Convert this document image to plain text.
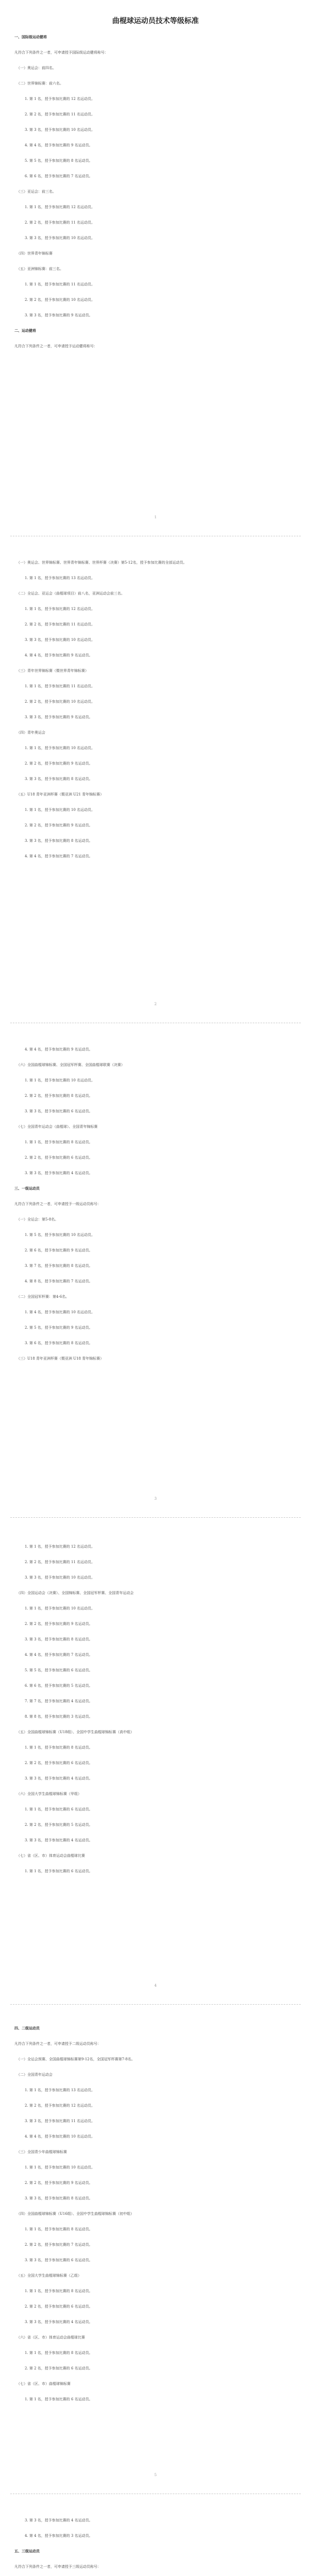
曲棍球运动员技术等级标准
一、国际级运动健将
凡符合下列条件之一者，可申请授予国际级运动健将称号：
（一）奥运会：前四名。
（二）世界锦标赛：前六名。
1. 第 1 名，授予参加比赛的 12 名运动员。
2. 第 2 名，授予参加比赛的 11 名运动员。
3. 第 3 名，授予参加比赛的 10 名运动员。
4. 第 4 名，授予参加比赛的 9 名运动员。
5. 第 5 名，授予参加比赛的 8 名运动员。
6. 第 6 名，授予参加比赛的 7 名运动员。
（三）亚运会：前三名。
1. 第 1 名，授予参加比赛的 12 名运动员。
2. 第 2 名，授予参加比赛的 11 名运动员。
3. 第 3 名，授予参加比赛的 10 名运动员。
（四）世界青年锦标赛
（五）亚洲锦标赛：前三名。
1. 第 1 名，授予参加比赛的 11 名运动员。
2. 第 2 名，授予参加比赛的 10 名运动员。
3. 第 3 名，授予参加比赛的 9 名运动员。
二、运动健将
凡符合下列条件之一者，可申请授予运动健将称号：
1
（一）奥运会、世界锦标赛、世界青年锦标赛、世界杯赛（决赛）第5-12名，授予参加比赛的全部运动员。
1. 第 1 名，授予参加比赛的 13 名运动员。
（二）全运会、亚运会（曲棍球项目）前八名，亚洲运动会前三名。
1. 第 1 名，授予参加比赛的 12 名运动员。
2. 第 2 名，授予参加比赛的 11 名运动员。
3. 第 3 名，授予参加比赛的 10 名运动员。
4. 第 4 名，授予参加比赛的 9 名运动员。
（三）青年世界锦标赛（暨世界青年锦标赛）
1. 第 1 名，授予参加比赛的 11 名运动员。
2. 第 2 名，授予参加比赛的 10 名运动员。
3. 第 3 名，授予参加比赛的 9 名运动员。
（四）青年奥运会
1. 第 1 名，授予参加比赛的 10 名运动员。
2. 第 2 名，授予参加比赛的 9 名运动员。
3. 第 3 名，授予参加比赛的 8 名运动员。
（五）U18 青年亚洲杯赛（暨亚洲 U21 青年锦标赛）
1. 第 1 名，授予参加比赛的 10 名运动员。
2. 第 2 名，授予参加比赛的 9 名运动员。
3. 第 3 名，授予参加比赛的 8 名运动员。
4. 第 4 名，授予参加比赛的 7 名运动员。
2
4. 第 4 名，授予参加比赛的 9 名运动员。
（六）全国曲棍球锦标赛、全国冠军杯赛、全国曲棍球联赛（决赛）
1. 第 1 名，授予参加比赛的 10 名运动员。
2. 第 2 名，授予参加比赛的 8 名运动员。
3. 第 3 名，授予参加比赛的 6 名运动员。
（七）全国青年运动会（曲棍球）、全国青年锦标赛
1. 第 1 名，授予参加比赛的 8 名运动员。
2. 第 2 名，授予参加比赛的 6 名运动员。
3. 第 3 名，授予参加比赛的 4 名运动员。
三、一级运动员
凡符合下列条件之一者，可申请授予一级运动员称号：
（一）全运会：第5-8名。
1. 第 5 名，授予参加比赛的 10 名运动员。
2. 第 6 名，授予参加比赛的 9 名运动员。
3. 第 7 名，授予参加比赛的 8 名运动员。
4. 第 8 名，授予参加比赛的 7 名运动员。
（二）全国冠军杯赛：第4-6名。
1. 第 4 名，授予参加比赛的 10 名运动员。
2. 第 5 名，授予参加比赛的 9 名运动员。
3. 第 6 名，授予参加比赛的 8 名运动员。
（三）U18 青年亚洲杯赛（暨亚洲 U18 青年锦标赛）
3
1. 第 1 名，授予参加比赛的 12 名运动员。
2. 第 2 名，授予参加比赛的 11 名运动员。
3. 第 3 名，授予参加比赛的 10 名运动员。
（四）全国运动会（决赛）、全国锦标赛、全国冠军杯赛、全国青年运动会
1. 第 1 名，授予参加比赛的 10 名运动员。
2. 第 2 名，授予参加比赛的 9 名运动员。
3. 第 3 名，授予参加比赛的 8 名运动员。
4. 第 4 名，授予参加比赛的 7 名运动员。
5. 第 5 名，授予参加比赛的 6 名运动员。
6. 第 6 名，授予参加比赛的 5 名运动员。
7. 第 7 名，授予参加比赛的 4 名运动员。
8. 第 8 名，授予参加比赛的 3 名运动员。
（五）全国曲棍球锦标赛（U18组）、全国中学生曲棍球锦标赛（高中组）
1. 第 1 名，授予参加比赛的 8 名运动员。
2. 第 2 名，授予参加比赛的 6 名运动员。
3. 第 3 名，授予参加比赛的 4 名运动员。
（六）全国大学生曲棍球锦标赛（甲组）
1. 第 1 名，授予参加比赛的 6 名运动员。
2. 第 2 名，授予参加比赛的 5 名运动员。
3. 第 3 名，授予参加比赛的 4 名运动员。
（七）省（区、市）体育运动会曲棍球比赛
1. 第 1 名，授予参加比赛的 6 名运动员。
4
四、二级运动员
凡符合下列条件之一者，可申请授予二级运动员称号：
（一）全运会预赛、全国曲棍球锦标赛第9-12名，全国冠军杯赛第7-8名。
（二）全国青年运动会
1. 第 1 名，授予参加比赛的 13 名运动员。
2. 第 2 名，授予参加比赛的 12 名运动员。
3. 第 3 名，授予参加比赛的 11 名运动员。
4. 第 4 名，授予参加比赛的 10 名运动员。
（三）全国青少年曲棍球锦标赛
1. 第 1 名，授予参加比赛的 10 名运动员。
2. 第 2 名，授予参加比赛的 9 名运动员。
3. 第 3 名，授予参加比赛的 8 名运动员。
（四）全国曲棍球锦标赛（U16组）、全国中学生曲棍球锦标赛（初中组）
1. 第 1 名，授予参加比赛的 8 名运动员。
2. 第 2 名，授予参加比赛的 7 名运动员。
3. 第 3 名，授予参加比赛的 6 名运动员。
（五）全国大学生曲棍球锦标赛（乙组）
1. 第 1 名，授予参加比赛的 8 名运动员。
2. 第 2 名，授予参加比赛的 6 名运动员。
3. 第 3 名，授予参加比赛的 4 名运动员。
（六）省（区、市）体育运动会曲棍球比赛
1. 第 1 名，授予参加比赛的 8 名运动员。
2. 第 2 名，授予参加比赛的 6 名运动员。
（七）省（区、市）曲棍球锦标赛
1. 第 1 名，授予参加比赛的 6 名运动员。
5
3. 第 3 名，授予参加比赛的 4 名运动员。
4. 第 4 名，授予参加比赛的 3 名运动员。
五、三级运动员
凡符合下列条件之一者，可申请授予三级运动员称号：
